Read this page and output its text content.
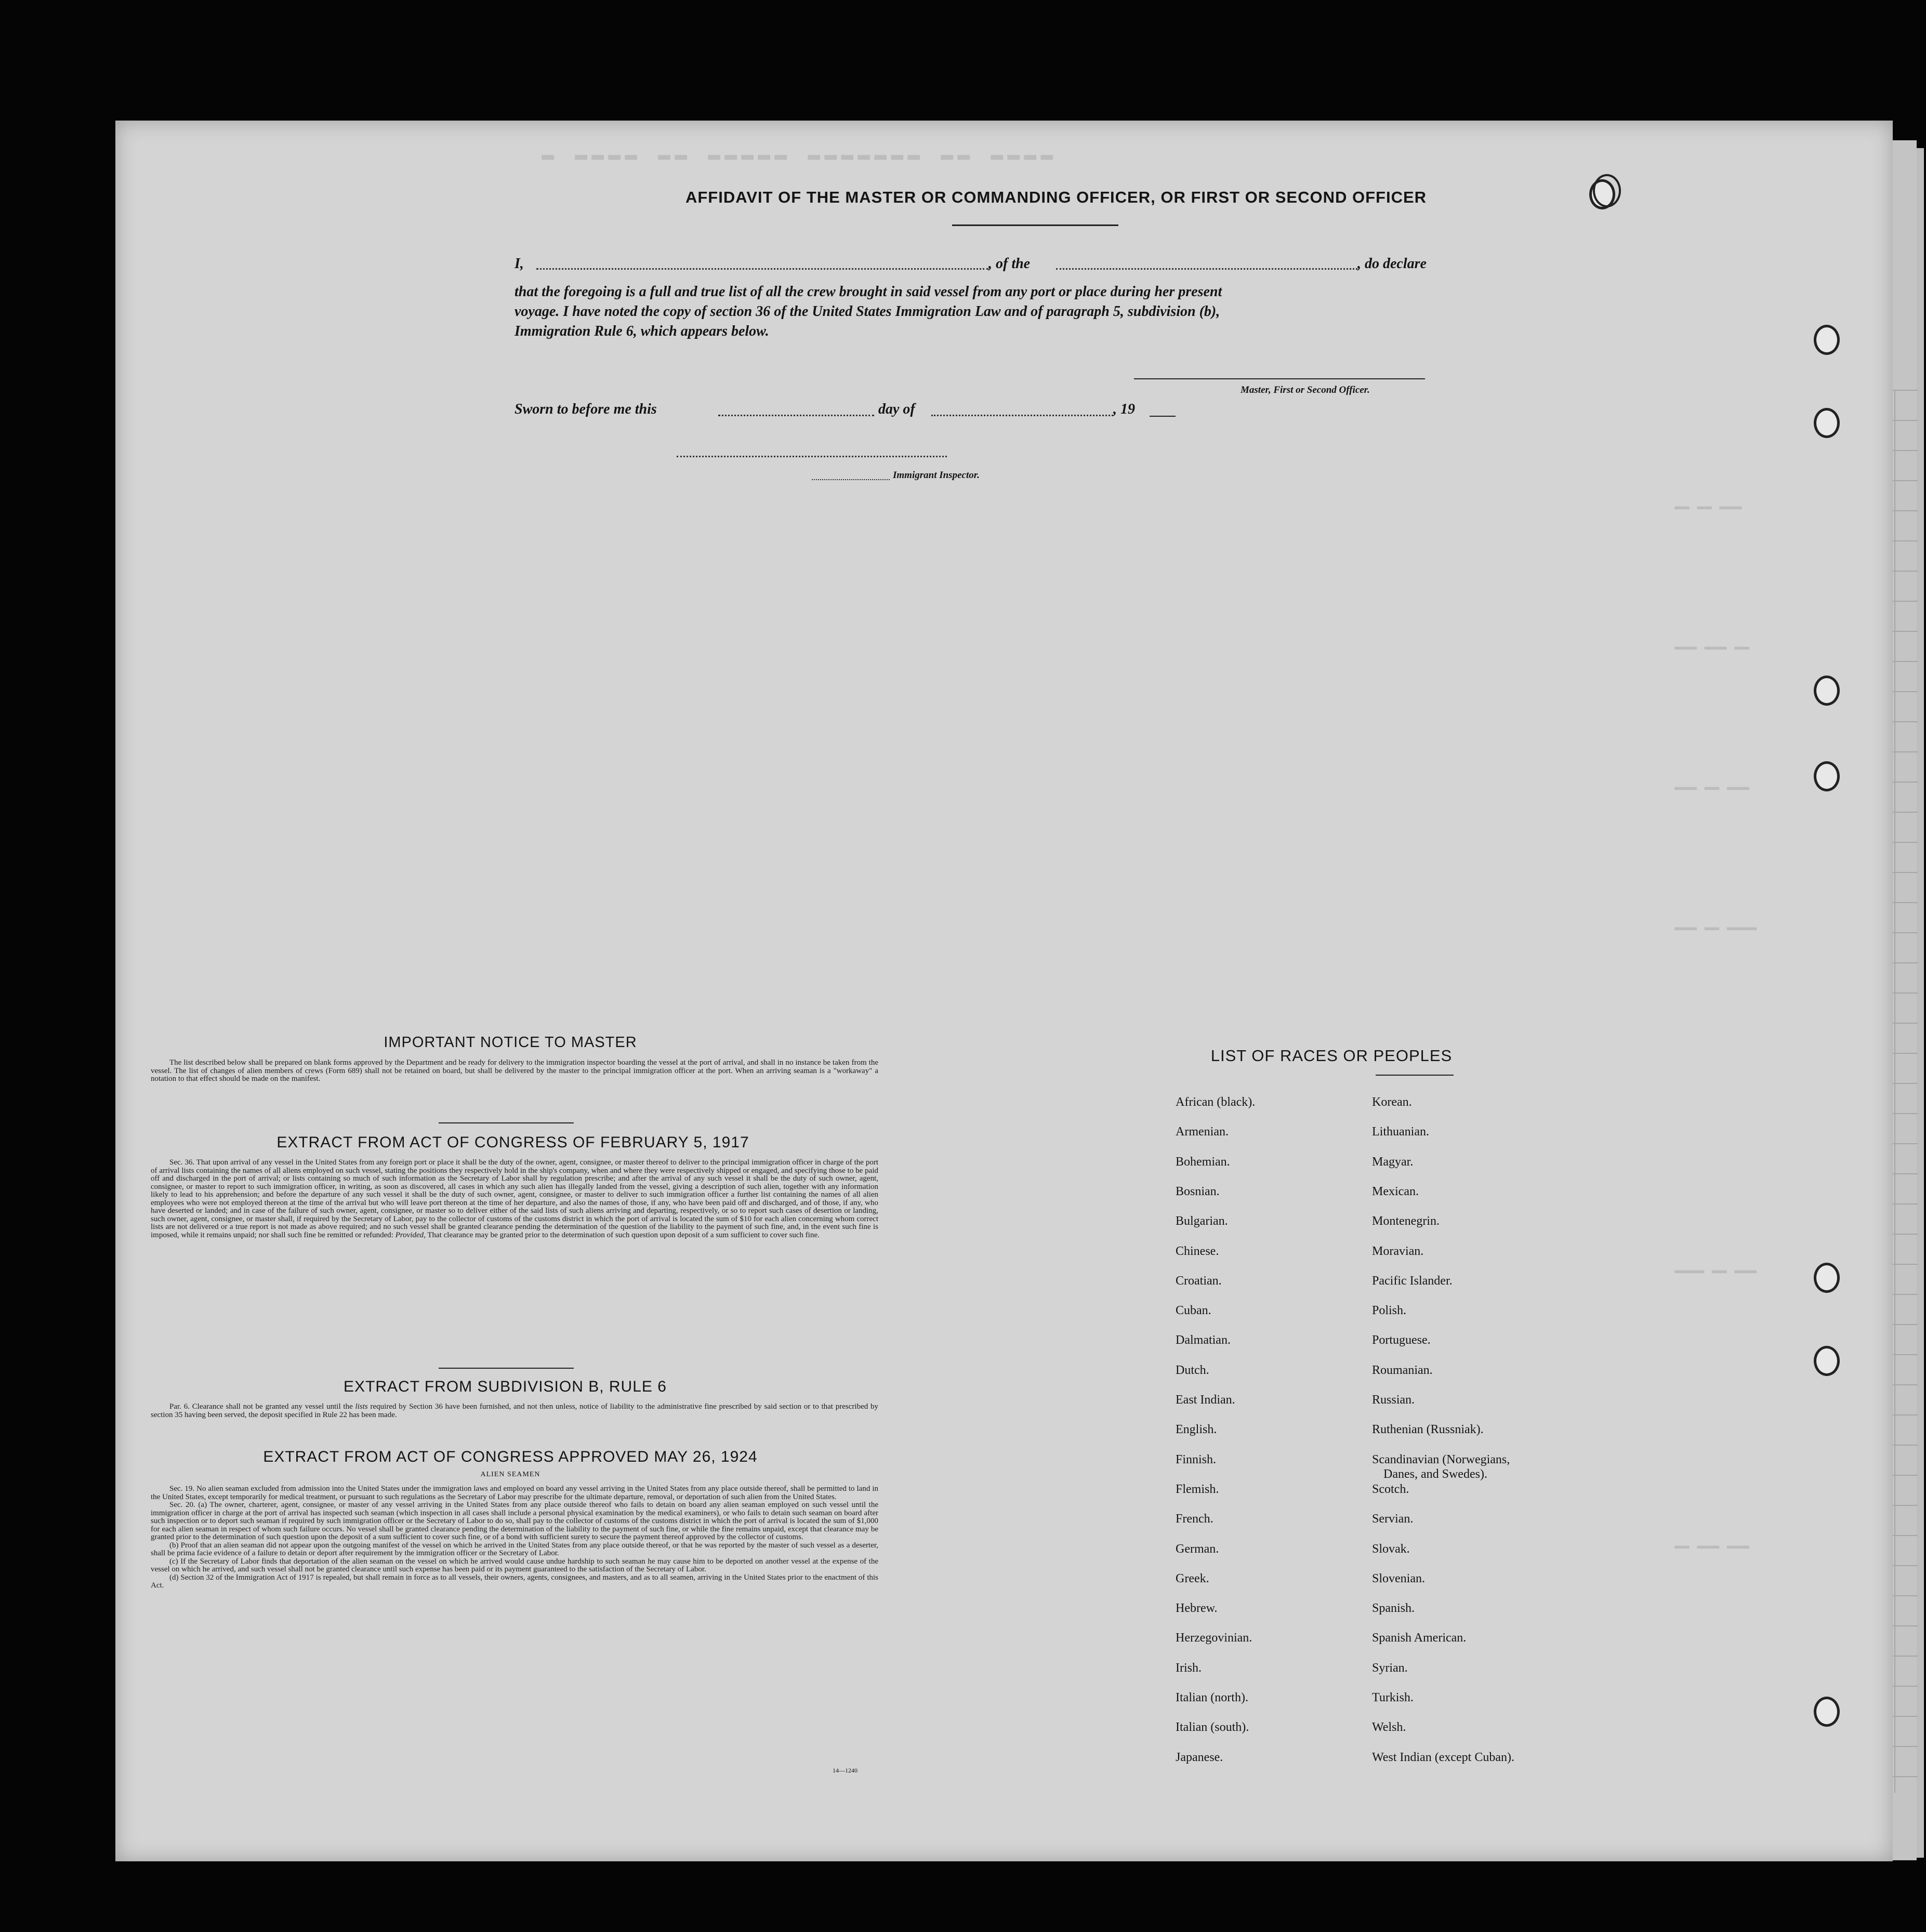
▬ ▬▬▬▬ ▬▬ ▬▬▬▬▬ ▬▬▬▬▬▬▬ ▬▬ ▬▬▬▬
▬▬ ▬▬ ▬▬▬
▬▬▬ ▬▬▬ ▬▬
▬▬▬ ▬▬ ▬▬▬
▬▬▬ ▬▬ ▬▬▬▬
▬▬▬▬ ▬▬ ▬▬▬
▬▬ ▬▬▬ ▬▬▬
AFFIDAVIT OF THE MASTER OR COMMANDING OFFICER, OR FIRST OR SECOND OFFICER
I,	, of the	, do declare
that the foregoing is a full and true list of all the crew brought in said vessel from any port or place during her present
voyage. I have noted the copy of section 36 of the United States Immigration Law and of paragraph 5, subdivision (b),
Immigration Rule 6, which appears below.
Master, First or Second Officer.
Sworn to before me this	day of	, 19
Immigrant Inspector.
IMPORTANT NOTICE TO MASTER

The list described below shall be prepared on blank forms approved by the Department and be ready for delivery to the immigration inspector boarding the vessel at the port of arrival, and shall in no instance be taken from the vessel. The list of changes of alien members of crews (Form 689) shall not be retained on board, but shall be delivered by the master to the principal immigration officer at the port. When an arriving seaman is a "workaway" a notation to that effect should be made on the manifest.

EXTRACT FROM ACT OF CONGRESS OF FEBRUARY 5, 1917

Sec. 36. That upon arrival of any vessel in the United States from any foreign port or place it shall be the duty of the owner, agent, consignee, or master thereof to deliver to the principal immigration officer in charge of the port of arrival lists containing the names of all aliens employed on such vessel, stating the positions they respectively hold in the ship's company, when and where they were respectively shipped or engaged, and specifying those to be paid off and discharged in the port of arrival; or lists containing so much of such information as the Secretary of Labor shall by regulation prescribe; and after the arrival of any such vessel it shall be the duty of such owner, agent, consignee, or master to report to such immigration officer, in writing, as soon as discovered, all cases in which any such alien has illegally landed from the vessel, giving a description of such alien, together with any information likely to lead to his apprehension; and before the departure of any such vessel it shall be the duty of such owner, agent, consignee, or master to deliver to such immigration officer a further list containing the names of all alien employees who were not employed thereon at the time of the arrival but who will leave port thereon at the time of her departure, and also the names of those, if any, who have been paid off and discharged, and of those, if any, who have deserted or landed; and in case of the failure of such owner, agent, consignee, or master so to deliver either of the said lists of such aliens arriving and departing, respectively, or so to report such cases of desertion or landing, such owner, agent, consignee, or master shall, if required by the Secretary of Labor, pay to the collector of customs of the customs district in which the port of arrival is located the sum of $10 for each alien concerning whom correct lists are not delivered or a true report is not made as above required; and no such vessel shall be granted clearance pending the determination of the question of the liability to the payment of such fine, and, in the event such fine is imposed, while it remains unpaid; nor shall such fine be remitted or refunded: Provided, That clearance may be granted prior to the determination of such question upon deposit of a sum sufficient to cover such fine.

EXTRACT FROM SUBDIVISION B, RULE 6

Par. 6. Clearance shall not be granted any vessel until the lists required by Section 36 have been furnished, and not then unless, notice of liability to the administrative fine prescribed by said section or to that prescribed by section 35 having been served, the deposit specified in Rule 22 has been made.

EXTRACT FROM ACT OF CONGRESS APPROVED MAY 26, 1924
ALIEN SEAMEN

Sec. 19. No alien seaman excluded from admission into the United States under the immigration laws and employed on board any vessel arriving in the United States from any place outside thereof, shall be permitted to land in the United States, except temporarily for medical treatment, or pursuant to such regulations as the Secretary of Labor may prescribe for the ultimate departure, removal, or deportation of such alien from the United States.

Sec. 20. (a) The owner, charterer, agent, consignee, or master of any vessel arriving in the United States from any place outside thereof who fails to detain on board any alien seaman employed on such vessel until the immigration officer in charge at the port of arrival has inspected such seaman (which inspection in all cases shall include a personal physical examination by the medical examiners), or who fails to detain such seaman on board after such inspection or to deport such seaman if required by such immigration officer or the Secretary of Labor to do so, shall pay to the collector of customs of the customs district in which the port of arrival is located the sum of $1,000 for each alien seaman in respect of whom such failure occurs. No vessel shall be granted clearance pending the determination of the liability to the payment of such fine, or while the fine remains unpaid, except that clearance may be granted prior to the determination of such question upon the deposit of a sum sufficient to cover such fine, or of a bond with sufficient surety to secure the payment thereof approved by the collector of customs.

(b) Proof that an alien seaman did not appear upon the outgoing manifest of the vessel on which he arrived in the United States from any place outside thereof, or that he was reported by the master of such vessel as a deserter, shall be prima facie evidence of a failure to detain or deport after requirement by the immigration officer or the Secretary of Labor.

(c) If the Secretary of Labor finds that deportation of the alien seaman on the vessel on which he arrived would cause undue hardship to such seaman he may cause him to be deported on another vessel at the expense of the vessel on which he arrived, and such vessel shall not be granted clearance until such expense has been paid or its payment guaranteed to the satisfaction of the Secretary of Labor.

(d) Section 32 of the Immigration Act of 1917 is repealed, but shall remain in force as to all vessels, their owners, agents, consignees, and masters, and as to all seamen, arriving in the United States prior to the enactment of this Act.

14—1240
LIST OF RACES OR PEOPLES
African (black).
Armenian.
Bohemian.
Bosnian.
Bulgarian.
Chinese.
Croatian.
Cuban.
Dalmatian.
Dutch.
East Indian.
English.
Finnish.
Flemish.
French.
German.
Greek.
Hebrew.
Herzegovinian.
Irish.
Italian (north).
Italian (south).
Japanese.
Korean.
Lithuanian.
Magyar.
Mexican.
Montenegrin.
Moravian.
Pacific Islander.
Polish.
Portuguese.
Roumanian.
Russian.
Ruthenian (Russniak).
Scandinavian (Norwegians,
Danes, and Swedes).
Scotch.
Servian.
Slovak.
Slovenian.
Spanish.
Spanish American.
Syrian.
Turkish.
Welsh.
West Indian (except Cuban).
